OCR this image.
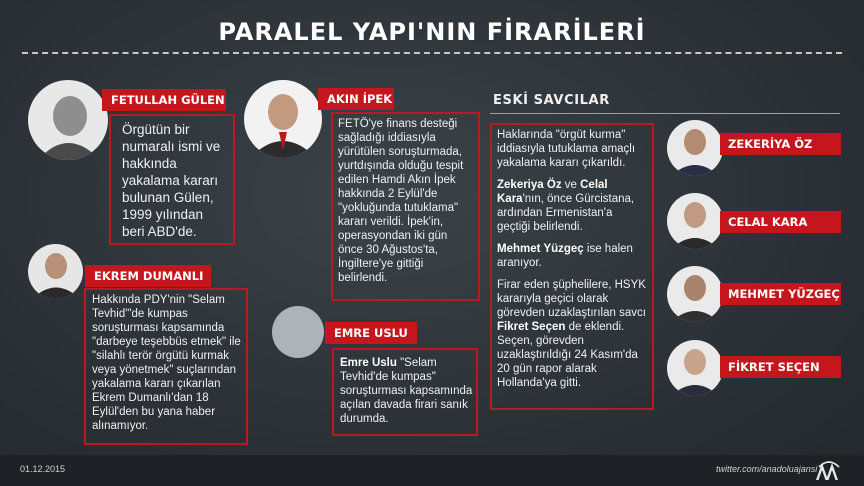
PARALEL YAPI'NIN FİRARİLERİ
FETULLAH GÜLEN
Örgütün bir numaralı ismi ve hakkında yakalama kararı bulunan Gülen, 1999 yılından beri ABD'de.
AKIN İPEK
FETÖ'ye finans desteği sağladığı iddiasıyla yürütülen soruşturmada, yurtdışında olduğu tespit edilen Hamdi Akın İpek hakkında 2 Eylül'de "yokluğunda tutuklama" kararı verildi. İpek'in, operasyondan iki gün önce 30 Ağustos'ta, İngiltere'ye gittiği belirlendi.
EKREM DUMANLI
Hakkında PDY'nin "Selam Tevhid"'de kumpas soruşturması kapsamında "darbeye teşebbüs etmek" ile "silahlı terör örgütü kurmak veya yönetmek" suçlarından yakalama kararı çıkarılan Ekrem Dumanlı'dan 18 Eylül'den bu yana haber alınamıyor.
EMRE USLU
Emre Uslu "Selam Tevhid'de kumpas" soruşturması kapsamında açılan davada firari sanık durumda.
ESKİ SAVCILAR

Haklarında "örgüt kurma" iddiasıyla tutuklama amaçlı yakalama kararı çıkarıldı.

Zekeriya Öz ve Celal Kara'nın, önce Gürcistana, ardından Ermenistan'a geçtiği belirlendi.

Mehmet Yüzgeç ise halen aranıyor.

Firar eden şüphelilere, HSYK kararıyla geçici olarak görevden uzaklaştırılan savcı Fikret Seçen de eklendi. Seçen, görevden uzaklaştırıldığı 24 Kasım'da 20 gün rapor alarak Hollanda'ya gitti.

ZEKERİYA ÖZ
CELAL KARA
MEHMET YÜZGEÇ
FİKRET SEÇEN
01.12.2015	twitter.com/anadoluajansi
